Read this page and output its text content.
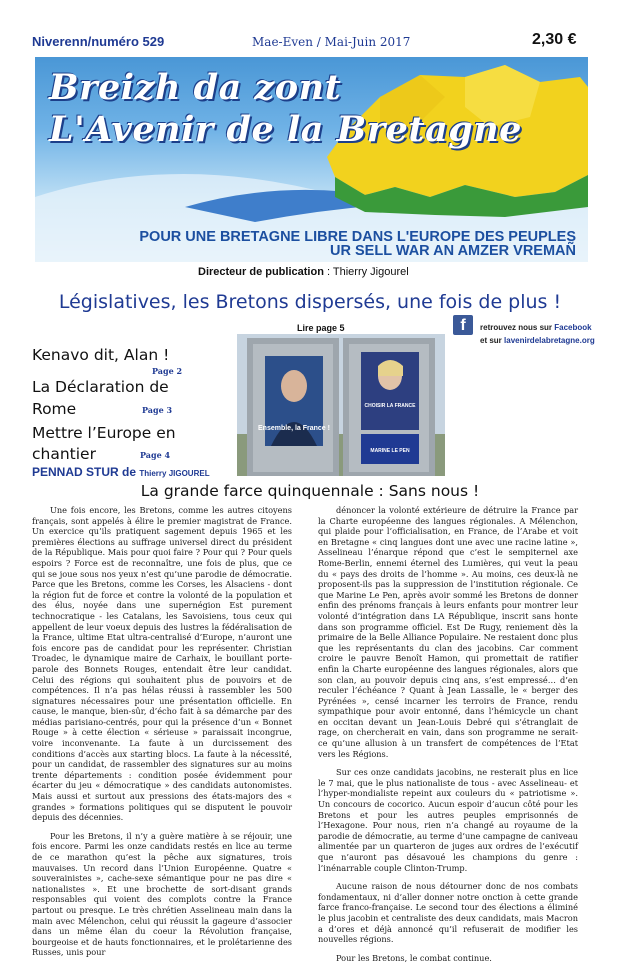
Niverenn/numéro 529	Mae-Even / Mai-Juin 2017	2,30 €
Breizh da zont
L'Avenir de la Bretagne
POUR UNE BRETAGNE LIBRE DANS L'EUROPE DES PEUPLES
UR SELL WAR AN AMZER VREMAÑ
Directeur de publication : Thierry Jigourel
Législatives, les Bretons dispersés, une fois de plus !
Lire page 5	f	retrouvez nous sur Facebook
et sur lavenirdelabretagne.org
Kenavo dit, Alan !
Page 2
La Déclaration de
Rome	Page 3
Mettre l’Europe en
chantier	Page 4
PENNAD STUR de Thierry JIGOUREL
Ensemble, la France !
CHOISIR LA FRANCE
MARINE LE PEN
La grande farce quinquennale : Sans nous !

Une fois encore, les Bretons, comme les autres citoyens français, sont appelés à élire le premier magistrat de France. Un exercice qu’ils pratiquent sagement depuis 1965 et les premières élections au suffrage universel direct du président de la République. Mais pour quoi faire ? Pour qui ? Pour quels espoirs ? Force est de reconnaître, une fois de plus, que ce qui se joue sous nos yeux n’est qu’une parodie de démocratie. Parce que les Bretons, comme les Corses, les Alsaciens - dont la région fut de force et contre la volonté de la population et des élus, noyée dans une supernégion Est purement technocratique - les Catalans, les Savoisiens, tous ceux qui appellent de leur voeux depuis des lustres la fédéralisation de la France, ultime Etat ultra-centralisé d’Europe, n’auront une fois encore pas de candidat pour les représenter. Christian Troadec, le dynamique maire de Carhaix, le bouillant porte-parole des Bonnets Rouges, entendait être leur candidat. Celui des régions qui souhaitent plus de pouvoirs et de compétences. Il n’a pas hélas réussi à rassembler les 500 signatures nécessaires pour une présentation officielle. En cause, le manque, bien-sûr, d’écho fait à sa démarche par des médias parisiano-centrés, pour qui la présence d’un « Bonnet Rouge » à cette élection « sérieuse » paraissait incongrue, voire inconvenante. La faute à un durcissement des conditions d’accès aux starting blocs. La faute à la nécessité, pour un candidat, de rassembler des signatures sur au moins trente départements : condition posée évidemment pour écarter du jeu « démocratique » des candidats autonomistes. Mais aussi et surtout aux pressions des états-majors des « grandes » formations politiques qui se disputent le pouvoir depuis des décennies.

Pour les Bretons, il n’y a guère matière à se réjouir, une fois encore. Parmi les onze candidats restés en lice au terme de ce marathon qu’est la pêche aux signatures, trois mauvaises. Un record dans l’Union Européenne. Quatre « souverainistes », cache-sexe sémantique pour ne pas dire « nationalistes ». Et une brochette de sort-disant grands responsables qui voient des complots contre la France partout ou presque. Le très chrétien Asselineau main dans la main avec Mélenchon, celui qui réussit la gageure d’associer dans un même élan du coeur la Révolution française, bourgeoise et de hauts fonctionnaires, et le prolétarienne des Russes, unis pour

dénoncer la volonté extérieure de détruire la France par la Charte européenne des langues régionales. A Mélenchon, qui plaide pour l’officialisation, en France, de l’Arabe et voit en Bretagne « cinq langues dont une avec une racine latine », Asselineau l’énarque répond que c’est le sempiternel axe Rome-Berlin, ennemi éternel des Lumières, qui veut la peau du « pays des droits de l’homme ». Au moins, ces deux-là ne proposent-ils pas la suppression de l’institution régionale. Ce que Marine Le Pen, après avoir sommé les Bretons de donner enfin des prénoms français à leurs enfants pour montrer leur volonté d’intégration dans LA République, inscrit sans honte dans son programme officiel. Est De Rugy, reniement dès la primaire de la Belle Alliance Populaire. Ne restaient donc plus que les représentants du clan des jacobins. Car comment croire le pauvre Benoît Hamon, qui promettait de ratifier enfin la Charte européenne des langues régionales, alors que son clan, au pouvoir depuis cinq ans, s’est empressé… d’en reculer l’échéance ? Quant à Jean Lassalle, le « berger des Pyrénées », censé incarner les terroirs de France, rendu sympathique pour avoir entonné, dans l’hémicycle un chant en occitan devant un Jean-Louis Debré qui s’étranglait de rage, on chercherait en vain, dans son programme ne serait-ce qu’une allusion à un transfert de compétences de l’Etat vers les Régions.

Sur ces onze candidats jacobins, ne resterait plus en lice le 7 mai, que le plus nationaliste de tous - avec Asselineau- et l’hyper-mondialiste repeint aux couleurs du « patriotisme ». Un concours de cocorico. Aucun espoir d’aucun côté pour les Bretons et pour les autres peuples emprisonnés de l’Hexagone. Pour nous, rien n’a changé au royaume de la parodie de démocratie, au terme d’une campagne de caniveau alimentée par un quarteron de juges aux ordres de l’exécutif que n’auront pas désavoué les champions du genre : l’inénarrable couple Clinton-Trump.

Aucune raison de nous détourner donc de nos combats fondamentaux, ni d’aller donner notre onction à cette grande farce franco-française. Le second tour des élections a éliminé le plus jacobin et centraliste des deux candidats, mais Macron a d’ores et déjà annoncé qu’il refuserait de modifier les nouvelles régions.

Pour les Bretons, le combat continue.
